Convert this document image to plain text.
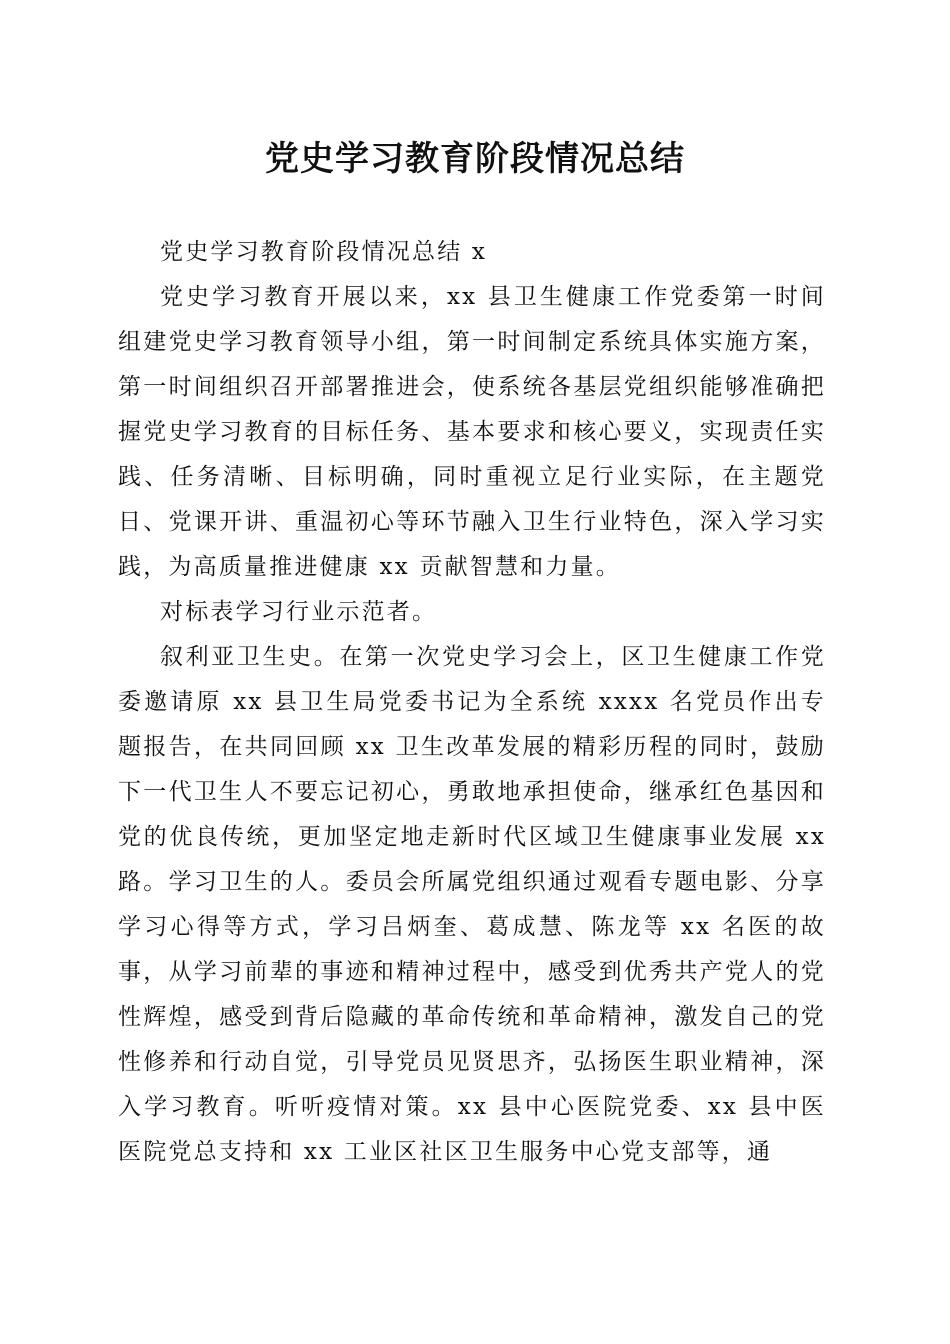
党史学习教育阶段情况总结

党史学习教育阶段情况总结 x

党史学习教育开展以来，xx 县卫生健康工作党委第一时间组建党史学习教育领导小组，第一时间制定系统具体实施方案，第一时间组织召开部署推进会，使系统各基层党组织能够准确把握党史学习教育的目标任务、基本要求和核心要义，实现责任实践、任务清晰、目标明确，同时重视立足行业实际，在主题党日、党课开讲、重温初心等环节融入卫生行业特色，深入学习实践，为高质量推进健康 xx 贡献智慧和力量。

对标表学习行业示范者。

叙利亚卫生史。在第一次党史学习会上，区卫生健康工作党委邀请原 xx 县卫生局党委书记为全系统 xxxx 名党员作出专题报告，在共同回顾 xx 卫生改革发展的精彩历程的同时，鼓励下一代卫生人不要忘记初心，勇敢地承担使命，继承红色基因和党的优良传统，更加坚定地走新时代区域卫生健康事业发展 xx 路。学习卫生的人。委员会所属党组织通过观看专题电影、分享学习心得等方式，学习吕炳奎、葛成慧、陈龙等 xx 名医的故事，从学习前辈的事迹和精神过程中，感受到优秀共产党人的党性辉煌，感受到背后隐藏的革命传统和革命精神，激发自己的党性修养和行动自觉，引导党员见贤思齐，弘扬医生职业精神，深入学习教育。听听疫情对策。xx 县中心医院党委、xx 县中医医院党总支持和 xx 工业区社区卫生服务中心党支部等，通
